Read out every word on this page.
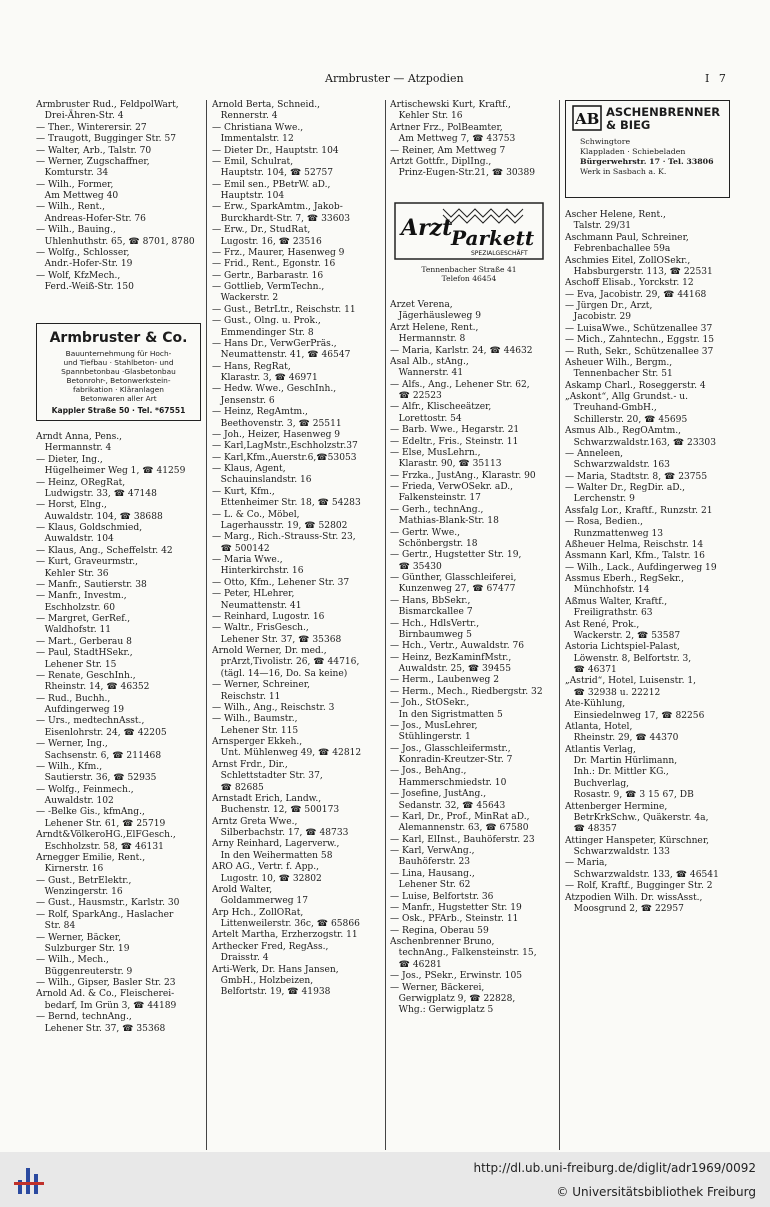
Armbruster — Atzpodien	I 7
Armbruster Rud., FeldpolWart,
Drei-Ähren-Str. 4
— Ther., Winterersir. 27
— Traugott, Bugginger Str. 57
— Walter, Arb., Talstr. 70
— Werner, Zugschaffner,
Komturstr. 34
— Wilh., Former,
Am Mettweg 40
— Wilh., Rent.,
Andreas-Hofer-Str. 76
— Wilh., Bauing.,
Uhlenhuthstr. 65, ☎ 8701, 8780
— Wolfg., Schlosser,
Andr.-Hofer-Str. 19
— Wolf, KfzMech.,
Ferd.-Weiß-Str. 150
Armbruster & Co.
Bauunternehmung für Hoch-
und Tiefbau · Stahlbeton- und
Spannbetonbau ·Glasbetonbau
Betonrohr-, Betonwerkstein-
fabrikation · Kläranlagen
Betonwaren aller Art
Kappler Straße 50 · Tel. *67551
Arndt Anna, Pens.,
Hermannstr. 4
— Dieter, Ing.,
Hügelheimer Weg 1, ☎ 41259
— Heinz, ORegRat,
Ludwigstr. 33, ☎ 47148
— Horst, Elng.,
Auwaldstr. 104, ☎ 38688
— Klaus, Goldschmied,
Auwaldstr. 104
— Klaus, Ang., Scheffelstr. 42
— Kurt, Graveurmstr.,
Kehler Str. 36
— Manfr., Sautierstr. 38
— Manfr., Investm.,
Eschholzstr. 60
— Margret, GerRef.,
Waldhofstr. 11
— Mart., Gerberau 8
— Paul, StadtHSekr.,
Lehener Str. 15
— Renate, GeschInh.,
Rheinstr. 14, ☎ 46352
— Rud., Buchh.,
Aufdingerweg 19
— Urs., medtechnAsst.,
Eisenlohrstr. 24, ☎ 42205
— Werner, Ing.,
Sachsenstr. 6, ☎ 211468
— Wilh., Kfm.,
Sautierstr. 36, ☎ 52935
— Wolfg., Feinmech.,
Auwaldstr. 102
— -Belke Gis., kfmAng.,
Lehener Str. 61, ☎ 25719
Arndt&VölkeroHG.,ElFGesch.,
Eschholzstr. 58, ☎ 46131
Arnegger Emilie, Rent.,
Kirnerstr. 16
— Gust., BetrElektr.,
Wenzingerstr. 16
— Gust., Hausmstr., Karlstr. 30
— Rolf, SparkAng., Haslacher
Str. 84
— Werner, Bäcker,
Sulzburger Str. 19
— Wilh., Mech.,
Büggenreuterstr. 9
— Wilh., Gipser, Basler Str. 23
Arnold Ad. & Co., Fleischerei-
bedarf, Im Grün 3, ☎ 44189
— Bernd, technAng.,
Lehener Str. 37, ☎ 35368
Arnold Berta, Schneid.,
Rennerstr. 4
— Christiana Wwe.,
Immentalstr. 12
— Dieter Dr., Hauptstr. 104
— Emil, Schulrat,
Hauptstr. 104, ☎ 52757
— Emil sen., PBetrW. aD.,
Hauptstr. 104
— Erw., SparkAmtm., Jakob-
Burckhardt-Str. 7, ☎ 33603
— Erw., Dr., StudRat,
Lugostr. 16, ☎ 23516
— Frz., Maurer, Hasenweg 9
— Frid., Rent., Egonstr. 16
— Gertr., Barbarastr. 16
— Gottlieb, VermTechn.,
Wackerstr. 2
— Gust., BetrLtr., Reischstr. 11
— Gust., Olng. u. Prok.,
Emmendinger Str. 8
— Hans Dr., VerwGerPräs.,
Neumattenstr. 41, ☎ 46547
— Hans, RegRat,
Klarastr. 3, ☎ 46971
— Hedw. Wwe., GeschInh.,
Jensenstr. 6
— Heinz, RegAmtm.,
Beethovenstr. 3, ☎ 25511
— Joh., Heizer, Hasenweg 9
— Karl,LagMstr.,Eschholzstr.37
— Karl,Kfm.,Auerstr.6,☎53053
— Klaus, Agent,
Schauinslandstr. 16
— Kurt, Kfm.,
Ettenheimer Str. 18, ☎ 54283
— L. & Co., Möbel,
Lagerhausstr. 19, ☎ 52802
— Marg., Rich.-Strauss-Str. 23,
☎ 500142
— Maria Wwe.,
Hinterkirchstr. 16
— Otto, Kfm., Lehener Str. 37
— Peter, HLehrer,
Neumattenstr. 41
— Reinhard, Lugostr. 16
— Waltr., FrisGesch.,
Lehener Str. 37, ☎ 35368
Arnold Werner, Dr. med.,
prArzt,Tivolistr. 26, ☎ 44716,
(tägl. 14—16, Do. Sa keine)
— Werner, Schreiner,
Reischstr. 11
— Wilh., Ang., Reischstr. 3
— Wilh., Baumstr.,
Lehener Str. 115
Arnsperger Ekkeh.,
Unt. Mühlenweg 49, ☎ 42812
Arnst Frdr., Dir.,
Schlettstadter Str. 37,
☎ 82685
Arnstadt Erich, Landw.,
Buchenstr. 12, ☎ 500173
Arntz Greta Wwe.,
Silberbachstr. 17, ☎ 48733
Arny Reinhard, Lagerverw.,
In den Weihermatten 58
ARO AG., Vertr. f. App.,
Lugostr. 10, ☎ 32802
Arold Walter,
Goldammerweg 17
Arp Hch., ZollORat,
Littenweilerstr. 36c, ☎ 65866
Artelt Martha, Erzherzogstr. 11
Arthecker Fred, RegAss.,
Draisstr. 4
Arti-Werk, Dr. Hans Jansen,
GmbH., Holzbeizen,
Belfortstr. 19, ☎ 41938
Artischewski Kurt, Kraftf.,
Kehler Str. 16
Artner Frz., PolBeamter,
Am Mettweg 7, ☎ 43753
— Reiner, Am Mettweg 7
Artzt Gottfr., DiplIng.,
Prinz-Eugen-Str.21, ☎ 30389
Arzt
Parkett
SPEZIALGESCHÄFT
Tennenbacher Straße 41
Telefon 46454
Arzet Verena,
Jägerhäusleweg 9
Arzt Helene, Rent.,
Hermannstr. 8
— Maria, Karlstr. 24, ☎ 44632
Asal Alb., stAng.,
Wannerstr. 41
— Alfs., Ang., Lehener Str. 62,
☎ 22523
— Alfr., Klischeeätzer,
Lorettostr. 54
— Barb. Wwe., Hegarstr. 21
— Edeltr., Fris., Steinstr. 11
— Else, MusLehrn.,
Klarastr. 90, ☎ 35113
— Frzka., JustAng., Klarastr. 90
— Frieda, VerwOSekr. aD.,
Falkensteinstr. 17
— Gerh., technAng.,
Mathias-Blank-Str. 18
— Gertr. Wwe.,
Schönbergstr. 18
— Gertr., Hugstetter Str. 19,
☎ 35430
— Günther, Glasschleiferei,
Kunzenweg 27, ☎ 67477
— Hans, BbSekr.,
Bismarckallee 7
— Hch., HdlsVertr.,
Birnbaumweg 5
— Hch., Vertr., Auwaldstr. 76
— Heinz, BezKaminfMstr.,
Auwaldstr. 25, ☎ 39455
— Herm., Laubenweg 2
— Herm., Mech., Riedbergstr. 32
— Joh., StOSekr.,
In den Sigristmatten 5
— Jos., MusLehrer,
Stühlingerstr. 1
— Jos., Glasschleifermstr.,
Konradin-Kreutzer-Str. 7
— Jos., BehAng.,
Hammerschmiedstr. 10
— Josefine, JustAng.,
Sedanstr. 32, ☎ 45643
— Karl, Dr., Prof., MinRat aD.,
Alemannenstr. 63, ☎ 67580
— Karl, ElInst., Bauhöferstr. 23
— Karl, VerwAng.,
Bauhöferstr. 23
— Lina, Hausang.,
Lehener Str. 62
— Luise, Belfortstr. 36
— Manfr., Hugstetter Str. 19
— Osk., PFArb., Steinstr. 11
— Regina, Oberau 59
Aschenbrenner Bruno,
technAng., Falkensteinstr. 15,
☎ 46281
— Jos., PSekr., Erwinstr. 105
— Werner, Bäckerei,
Gerwigplatz 9, ☎ 22828,
Whg.: Gerwigplatz 5
AB ASCHENBRENNER
& BIEG
Schwingtore
Klappladen · Schiebeladen
Bürgerwehrstr. 17 · Tel. 33806
Werk in Sasbach a. K.
Ascher Helene, Rent.,
Talstr. 29/31
Aschmann Paul, Schreiner,
Febrenbachallee 59a
Aschmies Eitel, ZollOSekr.,
Habsburgerstr. 113, ☎ 22531
Aschoff Elisab., Yorckstr. 12
— Eva, Jacobistr. 29, ☎ 44168
— Jürgen Dr., Arzt,
Jacobistr. 29
— LuisaWwe., Schützenallee 37
— Mich., Zahntechn., Eggstr. 15
— Ruth, Sekr., Schützenallee 37
Asheuer Wilh., Bergm.,
Tennenbacher Str. 51
Askamp Charl., Roseggerstr. 4
„Askont“, Allg Grundst.- u.
Treuhand-GmbH.,
Schillerstr. 20, ☎ 45695
Asmus Alb., RegOAmtm.,
Schwarzwaldstr.163, ☎ 23303
— Anneleen,
Schwarzwaldstr. 163
— Maria, Stadtstr. 8, ☎ 23755
— Walter Dr., RegDir. aD.,
Lerchenstr. 9
Assfalg Lor., Kraftf., Runzstr. 21
— Rosa, Bedien.,
Runzmattenweg 13
Aßheuer Helma, Reischstr. 14
Assmann Karl, Kfm., Talstr. 16
— Wilh., Lack., Aufdingerweg 19
Assmus Eberh., RegSekr.,
Münchhofstr. 14
Aßmus Walter, Kraftf.,
Freiligrathstr. 63
Ast René, Prok.,
Wackerstr. 2, ☎ 53587
Astoria Lichtspiel-Palast,
Löwenstr. 8, Belfortstr. 3,
☎ 46371
„Astrid“, Hotel, Luisenstr. 1,
☎ 32938 u. 22212
Ate-Kühlung,
Einsiedelnweg 17, ☎ 82256
Atlanta, Hotel,
Rheinstr. 29, ☎ 44370
Atlantis Verlag,
Dr. Martin Hürlimann,
Inh.: Dr. Mittler KG.,
Buchverlag,
Rosastr. 9, ☎ 3 15 67, DB
Attenberger Hermine,
BetrKrkSchw., Quäkerstr. 4a,
☎ 48357
Attinger Hanspeter, Kürschner,
Schwarzwaldstr. 133
— Maria,
Schwarzwaldstr. 133, ☎ 46541
— Rolf, Kraftf., Bugginger Str. 2
Atzpodien Wilh. Dr. wissAsst.,
Moosgrund 2, ☎ 22957
http://dl.ub.uni-freiburg.de/diglit/adr1969/0092
© Universitätsbibliothek Freiburg
